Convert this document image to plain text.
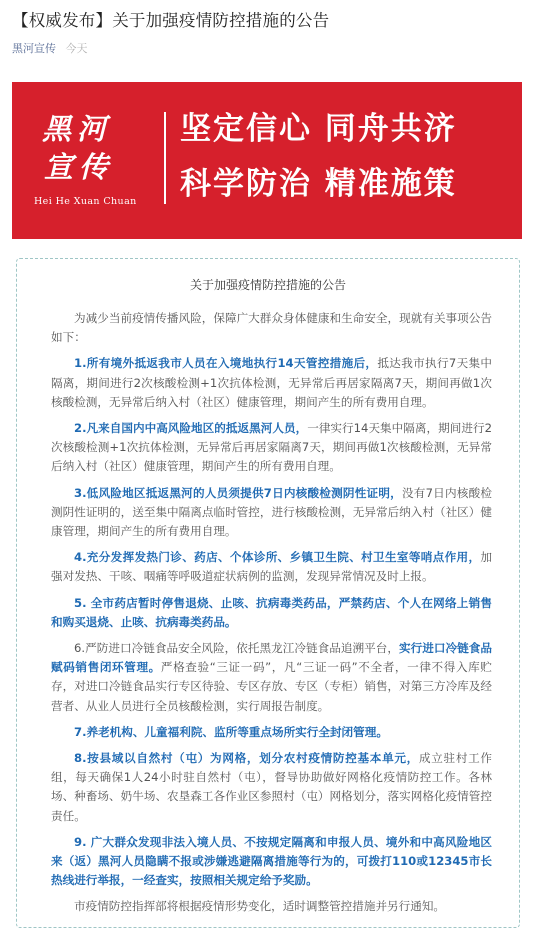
【权威发布】关于加强疫情防控措施的公告
黑河宣传 今天
黑河
宣传
Hei He Xuan Chuan
坚定信心 同舟共济
科学防治 精准施策
关于加强疫情防控措施的公告

为减少当前疫情传播风险，保障广大群众身体健康和生命安全，现就有关事项公告如下：

1.所有境外抵返我市人员在入境地执行14天管控措施后，抵达我市执行7天集中隔离，期间进行2次核酸检测+1次抗体检测，无异常后再居家隔离7天，期间再做1次核酸检测，无异常后纳入村（社区）健康管理，期间产生的所有费用自理。

2.凡来自国内中高风险地区的抵返黑河人员，一律实行14天集中隔离，期间进行2次核酸检测+1次抗体检测，无异常后再居家隔离7天，期间再做1次核酸检测，无异常后纳入村（社区）健康管理，期间产生的所有费用自理。

3.低风险地区抵返黑河的人员须提供7日内核酸检测阴性证明，没有7日内核酸检测阴性证明的，送至集中隔离点临时管控，进行核酸检测，无异常后纳入村（社区）健康管理，期间产生的所有费用自理。

4.充分发挥发热门诊、药店、个体诊所、乡镇卫生院、村卫生室等哨点作用，加强对发热、干咳、咽痛等呼吸道症状病例的监测，发现异常情况及时上报。

5. 全市药店暂时停售退烧、止咳、抗病毒类药品，严禁药店、个人在网络上销售和购买退烧、止咳、抗病毒类药品。

6.严防进口冷链食品安全风险，依托黑龙江冷链食品追溯平台，实行进口冷链食品赋码销售闭环管理。严格查验“三证一码”，凡“三证一码”不全者，一律不得入库贮存，对进口冷链食品实行专区待验、专区存放、专区（专柜）销售，对第三方冷库及经营者、从业人员进行全员核酸检测，实行周报告制度。

7.养老机构、儿童福利院、监所等重点场所实行全封闭管理。

8.按县域以自然村（屯）为网格，划分农村疫情防控基本单元，成立驻村工作组，每天确保1人24小时驻自然村（屯），督导协助做好网格化疫情防控工作。各林场、种畜场、奶牛场、农垦森工各作业区参照村（屯）网格划分，落实网格化疫情管控责任。

9. 广大群众发现非法入境人员、不按规定隔离和申报人员、境外和中高风险地区来（返）黑河人员隐瞒不报或涉嫌逃避隔离措施等行为的，可拨打110或12345市长热线进行举报，一经查实，按照相关规定给予奖励。

市疫情防控指挥部将根据疫情形势变化，适时调整管控措施并另行通知。
